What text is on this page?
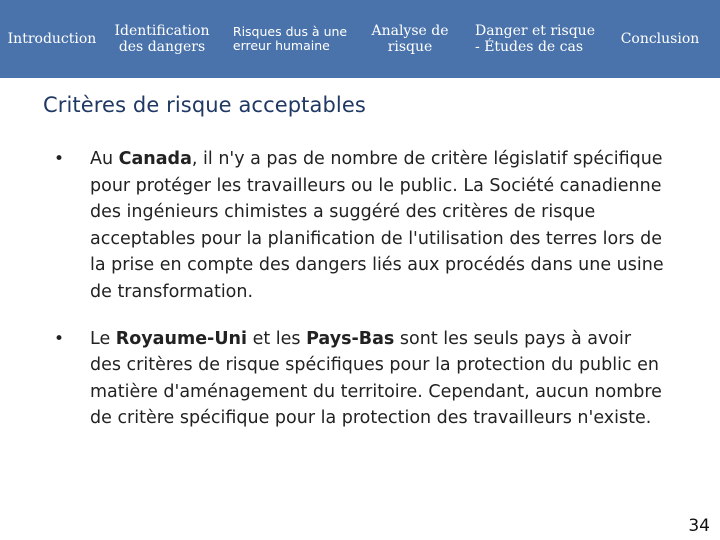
Introduction
Identification
des dangers
Risques dus à une
erreur humaine
Analyse de
risque
Danger et risque
- Études de cas
Conclusion
Critères de risque acceptables
• Au Canada, il n'y a pas de nombre de critère législatif spécifique pour protéger les travailleurs ou le public. La Société canadienne des ingénieurs chimistes a suggéré des critères de risque acceptables pour la planification de l'utilisation des terres lors de la prise en compte des dangers liés aux procédés dans une usine de transformation.
• Le Royaume-Uni et les Pays-Bas sont les seuls pays à avoir des critères de risque spécifiques pour la protection du public en matière d'aménagement du territoire. Cependant, aucun nombre de critère spécifique pour la protection des travailleurs n'existe.
34
